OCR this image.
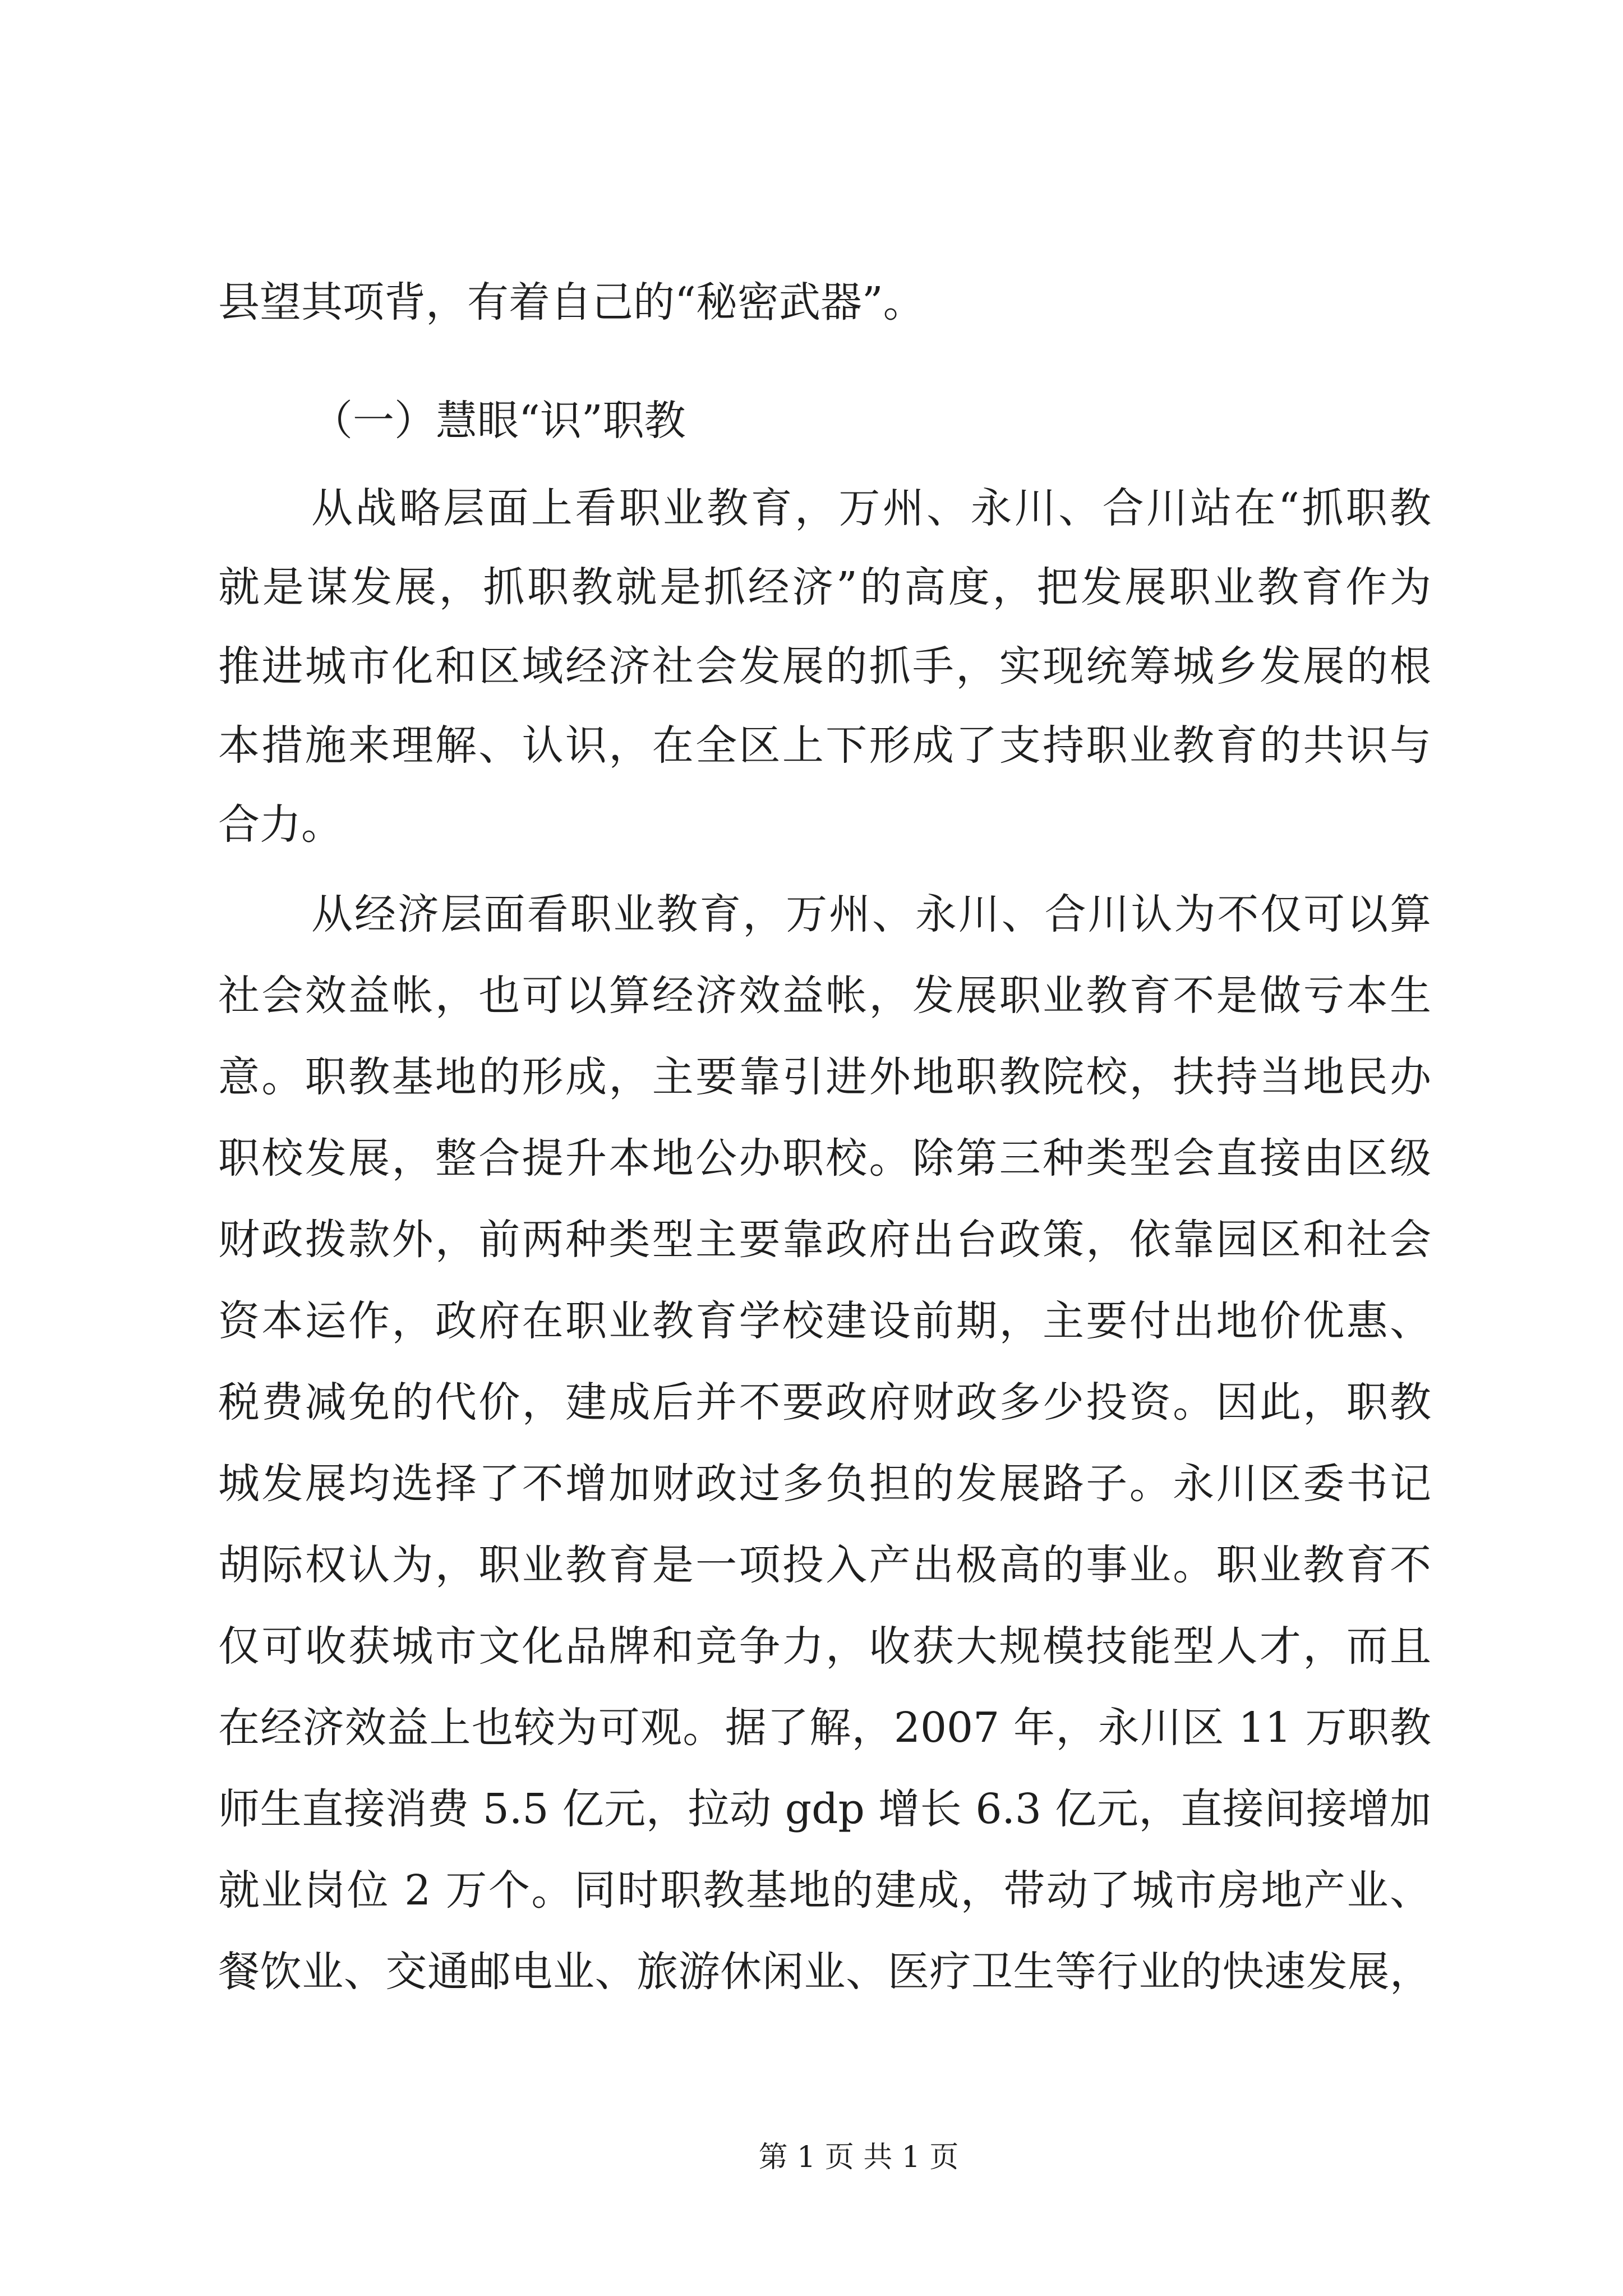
县望其项背，有着自己的“秘密武器”。
（一）慧眼“识”职教
从战略层面上看职业教育，万州、永川、合川站在“抓职教
就是谋发展，抓职教就是抓经济”的高度，把发展职业教育作为
推进城市化和区域经济社会发展的抓手，实现统筹城乡发展的根
本措施来理解、认识，在全区上下形成了支持职业教育的共识与
合力。
从经济层面看职业教育，万州、永川、合川认为不仅可以算
社会效益帐，也可以算经济效益帐，发展职业教育不是做亏本生
意。职教基地的形成，主要靠引进外地职教院校，扶持当地民办
职校发展，整合提升本地公办职校。除第三种类型会直接由区级
财政拨款外，前两种类型主要靠政府出台政策，依靠园区和社会
资本运作，政府在职业教育学校建设前期，主要付出地价优惠、
税费减免的代价，建成后并不要政府财政多少投资。因此，职教
城发展均选择了不增加财政过多负担的发展路子。永川区委书记
胡际权认为，职业教育是一项投入产出极高的事业。职业教育不
仅可收获城市文化品牌和竞争力，收获大规模技能型人才，而且
在经济效益上也较为可观。据了解，2007 年，永川区 11 万职教
师生直接消费 5.5 亿元，拉动 gdp 增长 6.3 亿元，直接间接增加
就业岗位 2 万个。同时职教基地的建成，带动了城市房地产业、
餐饮业、交通邮电业、旅游休闲业、医疗卫生等行业的快速发展，
第 1 页 共 1 页
